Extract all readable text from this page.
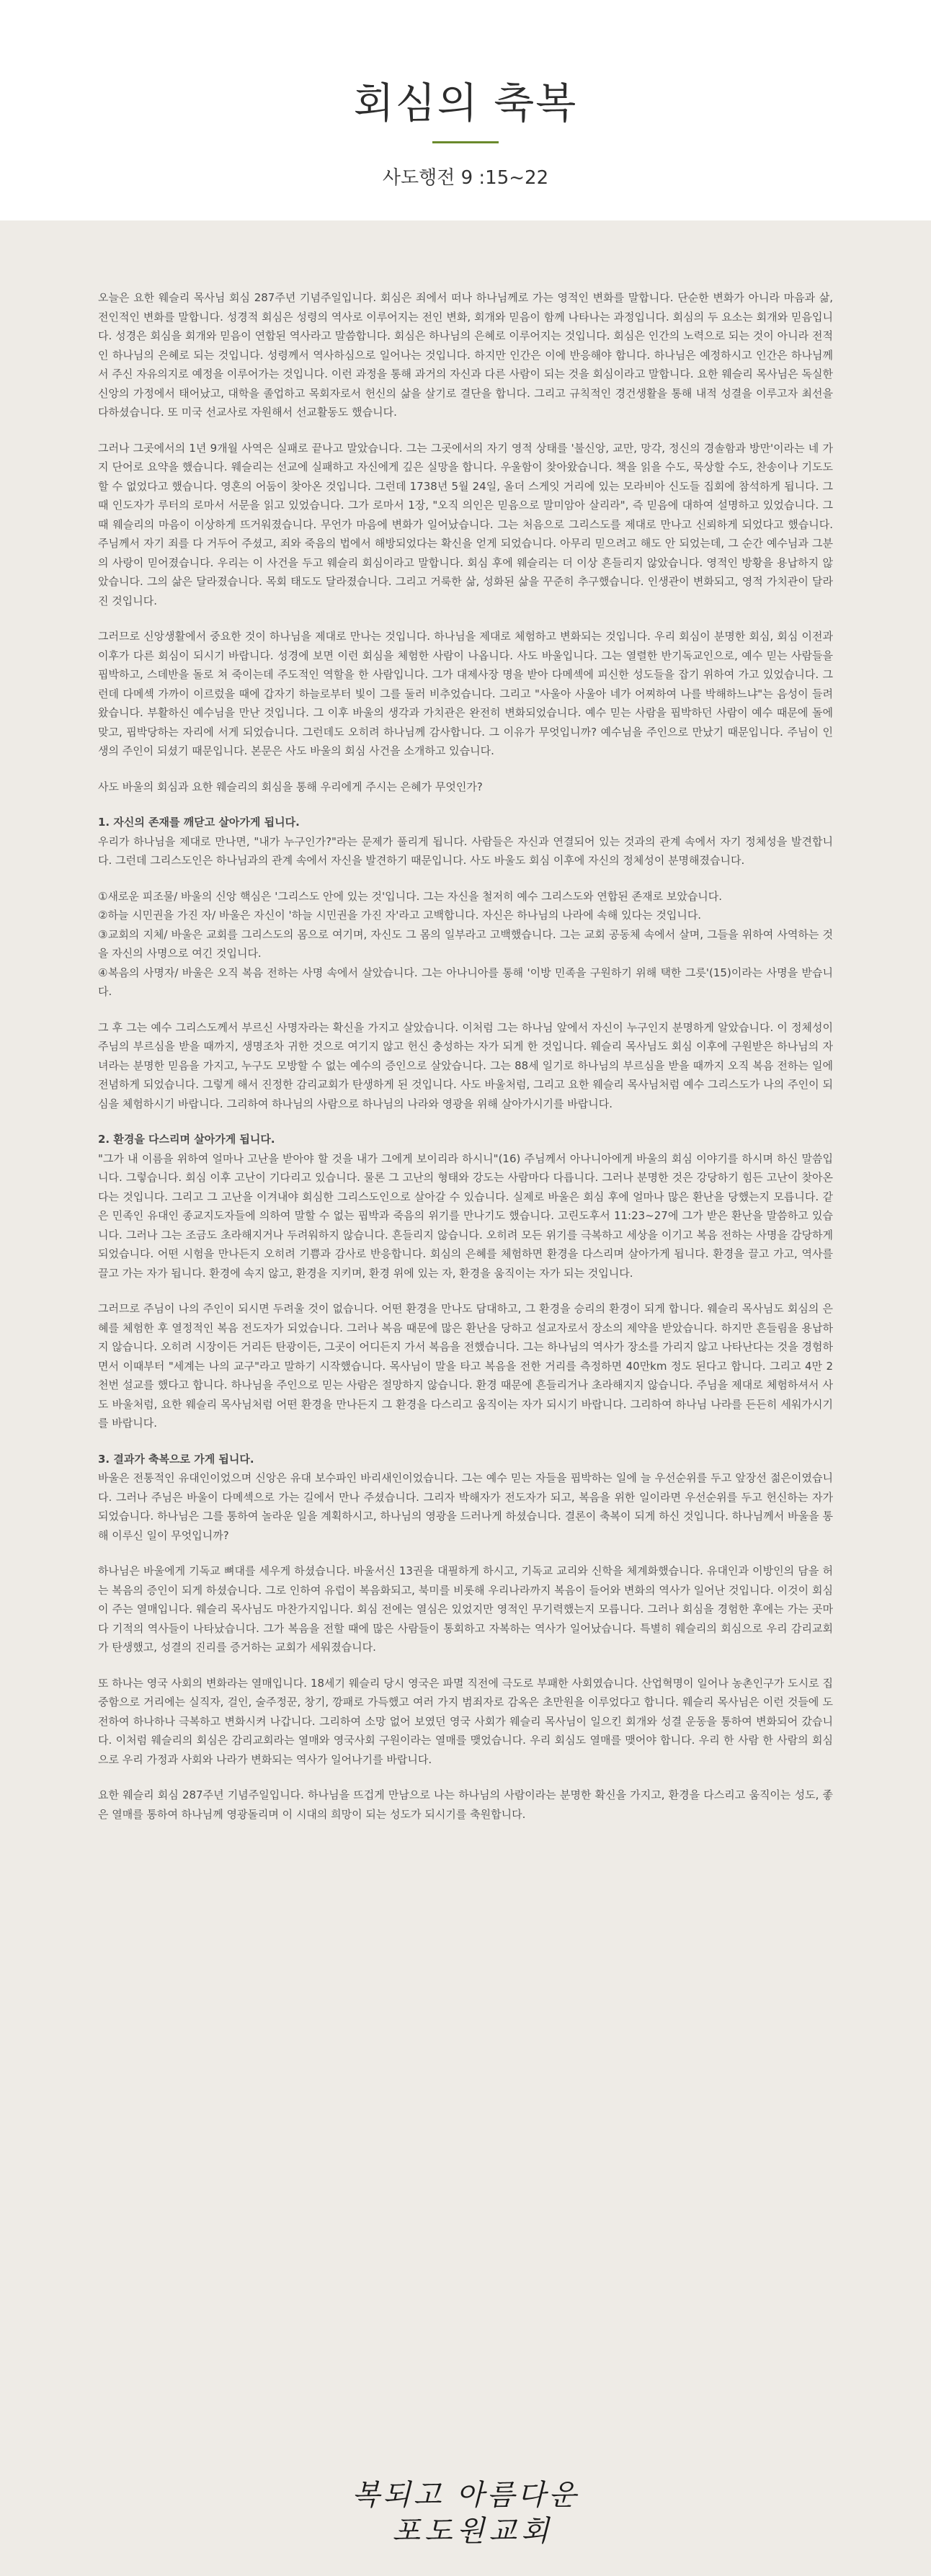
회심의 축복
사도행전 9 :15~22

오늘은 요한 웨슬리 목사님 회심 287주년 기념주일입니다. 회심은 죄에서 떠나 하나님께로 가는 영적인 변화를 말합니다. 단순한 변화가 아니라 마음과 삶, 전인적인 변화를 말합니다. 성경적 회심은 성령의 역사로 이루어지는 전인 변화, 회개와 믿음이 함께 나타나는 과정입니다. 회심의 두 요소는 회개와 믿음입니다. 성경은 회심을 회개와 믿음이 연합된 역사라고 말씀합니다. 회심은 하나님의 은혜로 이루어지는 것입니다. 회심은 인간의 노력으로 되는 것이 아니라 전적인 하나님의 은혜로 되는 것입니다. 성령께서 역사하심으로 일어나는 것입니다. 하지만 인간은 이에 반응해야 합니다. 하나님은 예정하시고 인간은 하나님께서 주신 자유의지로 예정을 이루어가는 것입니다. 이런 과정을 통해 과거의 자신과 다른 사람이 되는 것을 회심이라고 말합니다. 요한 웨슬리 목사님은 독실한 신앙의 가정에서 태어났고, 대학을 졸업하고 목회자로서 헌신의 삶을 살기로 결단을 합니다. 그리고 규칙적인 경건생활을 통해 내적 성결을 이루고자 최선을 다하셨습니다. 또 미국 선교사로 자원해서 선교활동도 했습니다.

그러나 그곳에서의 1년 9개월 사역은 실패로 끝나고 말았습니다. 그는 그곳에서의 자기 영적 상태를 '불신앙, 교만, 망각, 정신의 경솔함과 방만'이라는 네 가지 단어로 요약을 했습니다. 웨슬리는 선교에 실패하고 자신에게 깊은 실망을 합니다. 우울함이 찾아왔습니다. 책을 읽을 수도, 묵상할 수도, 찬송이나 기도도 할 수 없었다고 했습니다. 영혼의 어둠이 찾아온 것입니다. 그런데 1738년 5월 24일, 올더 스게잇 거리에 있는 모라비아 신도들 집회에 참석하게 됩니다. 그때 인도자가 루터의 로마서 서문을 읽고 있었습니다. 그가 로마서 1장, "오직 의인은 믿음으로 말미암아 살리라", 즉 믿음에 대하여 설명하고 있었습니다. 그때 웨슬리의 마음이 이상하게 뜨거워졌습니다. 무언가 마음에 변화가 일어났습니다. 그는 처음으로 그리스도를 제대로 만나고 신뢰하게 되었다고 했습니다. 주님께서 자기 죄를 다 거두어 주셨고, 죄와 죽음의 법에서 해방되었다는 확신을 얻게 되었습니다. 아무리 믿으려고 해도 안 되었는데, 그 순간 예수님과 그분의 사랑이 믿어졌습니다. 우리는 이 사건을 두고 웨슬리 회심이라고 말합니다. 회심 후에 웨슬리는 더 이상 흔들리지 않았습니다. 영적인 방황을 용납하지 않았습니다. 그의 삶은 달라졌습니다. 목회 태도도 달라졌습니다. 그리고 거룩한 삶, 성화된 삶을 꾸준히 추구했습니다. 인생관이 변화되고, 영적 가치관이 달라진 것입니다.

그러므로 신앙생활에서 중요한 것이 하나님을 제대로 만나는 것입니다. 하나님을 제대로 체험하고 변화되는 것입니다. 우리 회심이 분명한 회심, 회심 이전과 이후가 다른 회심이 되시기 바랍니다. 성경에 보면 이런 회심을 체험한 사람이 나옵니다. 사도 바울입니다. 그는 열렬한 반기독교인으로, 예수 믿는 사람들을 핍박하고, 스데반을 돌로 쳐 죽이는데 주도적인 역할을 한 사람입니다. 그가 대제사장 명을 받아 다메섹에 피신한 성도들을 잡기 위하여 가고 있었습니다. 그런데 다메섹 가까이 이르렀을 때에 갑자기 하늘로부터 빛이 그를 둘러 비추었습니다. 그리고 "사울아 사울아 네가 어찌하여 나를 박해하느냐"는 음성이 들려왔습니다. 부활하신 예수님을 만난 것입니다. 그 이후 바울의 생각과 가치관은 완전히 변화되었습니다. 예수 믿는 사람을 핍박하던 사람이 예수 때문에 돌에 맞고, 핍박당하는 자리에 서게 되었습니다. 그런데도 오히려 하나님께 감사합니다. 그 이유가 무엇입니까? 예수님을 주인으로 만났기 때문입니다. 주님이 인생의 주인이 되셨기 때문입니다. 본문은 사도 바울의 회심 사건을 소개하고 있습니다.

사도 바울의 회심과 요한 웨슬리의 회심을 통해 우리에게 주시는 은혜가 무엇인가?

1. 자신의 존재를 깨닫고 살아가게 됩니다.

우리가 하나님을 제대로 만나면, "내가 누구인가?"라는 문제가 풀리게 됩니다. 사람들은 자신과 연결되어 있는 것과의 관계 속에서 자기 정체성을 발견합니다. 그런데 그리스도인은 하나님과의 관계 속에서 자신을 발견하기 때문입니다. 사도 바울도 회심 이후에 자신의 정체성이 분명해졌습니다.

①새로운 피조물/ 바울의 신앙 핵심은 '그리스도 안에 있는 것'입니다. 그는 자신을 철저히 예수 그리스도와 연합된 존재로 보았습니다.

②하늘 시민권을 가진 자/ 바울은 자신이 '하늘 시민권을 가진 자'라고 고백합니다. 자신은 하나님의 나라에 속해 있다는 것입니다.

③교회의 지체/ 바울은 교회를 그리스도의 몸으로 여기며, 자신도 그 몸의 일부라고 고백했습니다. 그는 교회 공동체 속에서 살며, 그들을 위하여 사역하는 것을 자신의 사명으로 여긴 것입니다.

④복음의 사명자/ 바울은 오직 복음 전하는 사명 속에서 살았습니다. 그는 아나니아를 통해 '이방 민족을 구원하기 위해 택한 그릇'(15)이라는 사명을 받습니다.

그 후 그는 예수 그리스도께서 부르신 사명자라는 확신을 가지고 살았습니다. 이처럼 그는 하나님 앞에서 자신이 누구인지 분명하게 알았습니다. 이 정체성이 주님의 부르심을 받을 때까지, 생명조차 귀한 것으로 여기지 않고 헌신 충성하는 자가 되게 한 것입니다. 웨슬리 목사님도 회심 이후에 구원받은 하나님의 자녀라는 분명한 믿음을 가지고, 누구도 모방할 수 없는 예수의 증인으로 살았습니다. 그는 88세 일기로 하나님의 부르심을 받을 때까지 오직 복음 전하는 일에 전념하게 되었습니다. 그렇게 해서 진정한 감리교회가 탄생하게 된 것입니다. 사도 바울처럼, 그리고 요한 웨슬리 목사님처럼 예수 그리스도가 나의 주인이 되심을 체험하시기 바랍니다. 그리하여 하나님의 사람으로 하나님의 나라와 영광을 위해 살아가시기를 바랍니다.

2. 환경을 다스리며 살아가게 됩니다.

"그가 내 이름을 위하여 얼마나 고난을 받아야 할 것을 내가 그에게 보이리라 하시니"(16) 주님께서 아나니아에게 바울의 회심 이야기를 하시며 하신 말씀입니다. 그렇습니다. 회심 이후 고난이 기다리고 있습니다. 물론 그 고난의 형태와 강도는 사람마다 다릅니다. 그러나 분명한 것은 강당하기 힘든 고난이 찾아온다는 것입니다. 그리고 그 고난을 이겨내야 회심한 그리스도인으로 살아갈 수 있습니다. 실제로 바울은 회심 후에 얼마나 많은 환난을 당했는지 모릅니다. 같은 민족인 유대인 종교지도자들에 의하여 말할 수 없는 핍박과 죽음의 위기를 만나기도 했습니다. 고린도후서 11:23~27에 그가 받은 환난을 말씀하고 있습니다. 그러나 그는 조금도 초라해지거나 두려워하지 않습니다. 흔들리지 않습니다. 오히려 모든 위기를 극복하고 세상을 이기고 복음 전하는 사명을 감당하게 되었습니다. 어떤 시험을 만나든지 오히려 기쁨과 감사로 반응합니다. 회심의 은혜를 체험하면 환경을 다스리며 살아가게 됩니다. 환경을 끌고 가고, 역사를 끌고 가는 자가 됩니다. 환경에 속지 않고, 환경을 지키며, 환경 위에 있는 자, 환경을 움직이는 자가 되는 것입니다.

그러므로 주님이 나의 주인이 되시면 두려울 것이 없습니다. 어떤 환경을 만나도 담대하고, 그 환경을 승리의 환경이 되게 합니다. 웨슬리 목사님도 회심의 은혜를 체험한 후 열정적인 복음 전도자가 되었습니다. 그러나 복음 때문에 많은 환난을 당하고 설교자로서 장소의 제약을 받았습니다. 하지만 흔들림을 용납하지 않습니다. 오히려 시장이든 거리든 탄광이든, 그곳이 어디든지 가서 복음을 전했습니다. 그는 하나님의 역사가 장소를 가리지 않고 나타난다는 것을 경험하면서 이때부터 "세계는 나의 교구"라고 말하기 시작했습니다. 목사님이 말을 타고 복음을 전한 거리를 측정하면 40만km 정도 된다고 합니다. 그리고 4만 2천번 설교를 했다고 합니다. 하나님을 주인으로 믿는 사람은 절망하지 않습니다. 환경 때문에 흔들리거나 초라해지지 않습니다. 주님을 제대로 체험하셔서 사도 바울처럼, 요한 웨슬리 목사님처럼 어떤 환경을 만나든지 그 환경을 다스리고 움직이는 자가 되시기 바랍니다. 그리하여 하나님 나라를 든든히 세워가시기를 바랍니다.

3. 결과가 축복으로 가게 됩니다.

바울은 전통적인 유대인이었으며 신앙은 유대 보수파인 바리새인이었습니다. 그는 예수 믿는 자들을 핍박하는 일에 늘 우선순위를 두고 앞장선 젊은이였습니다. 그러나 주님은 바울이 다메섹으로 가는 길에서 만나 주셨습니다. 그리자 박해자가 전도자가 되고, 복음을 위한 일이라면 우선순위를 두고 헌신하는 자가 되었습니다. 하나님은 그를 통하여 놀라운 일을 계획하시고, 하나님의 영광을 드러나게 하셨습니다. 결론이 축복이 되게 하신 것입니다. 하나님께서 바울을 통해 이루신 일이 무엇입니까?

하나님은 바울에게 기독교 뼈대를 세우게 하셨습니다. 바울서신 13권을 대필하게 하시고, 기독교 교리와 신학을 체계화했습니다. 유대인과 이방인의 담을 허는 복음의 증인이 되게 하셨습니다. 그로 인하여 유럽이 복음화되고, 북미를 비롯해 우리나라까지 복음이 들어와 변화의 역사가 일어난 것입니다. 이것이 회심이 주는 열매입니다. 웨슬리 목사님도 마찬가지입니다. 회심 전에는 열심은 있었지만 영적인 무기력했는지 모릅니다. 그러나 회심을 경험한 후에는 가는 곳마다 기적의 역사들이 나타났습니다. 그가 복음을 전할 때에 많은 사람들이 통회하고 자복하는 역사가 일어났습니다. 특별히 웨슬리의 회심으로 우리 감리교회가 탄생했고, 성결의 진리를 증거하는 교회가 세워졌습니다.

또 하나는 영국 사회의 변화라는 열매입니다. 18세기 웨슬리 당시 영국은 파멸 직전에 극도로 부패한 사회였습니다. 산업혁명이 일어나 농촌인구가 도시로 집중함으로 거리에는 실직자, 걸인, 술주정꾼, 창기, 깡패로 가득했고 여러 가지 범죄자로 감옥은 초만원을 이루었다고 합니다. 웨슬리 목사님은 이런 것들에 도전하여 하나하나 극복하고 변화시켜 나갑니다. 그리하여 소망 없어 보였던 영국 사회가 웨슬리 목사님이 일으킨 회개와 성결 운동을 통하여 변화되어 갔습니다. 이처럼 웨슬리의 회심은 감리교회라는 열매와 영국사회 구원이라는 열매를 맺었습니다. 우리 회심도 열매를 맺어야 합니다. 우리 한 사람 한 사람의 회심으로 우리 가정과 사회와 나라가 변화되는 역사가 일어나기를 바랍니다.

요한 웨슬리 회심 287주년 기념주일입니다. 하나님을 뜨겁게 만남으로 나는 하나님의 사람이라는 분명한 확신을 가지고, 환경을 다스리고 움직이는 성도, 좋은 열매를 통하여 하나님께 영광돌리며 이 시대의 희망이 되는 성도가 되시기를 축원합니다.

복되고 아름다운
포도원교회
